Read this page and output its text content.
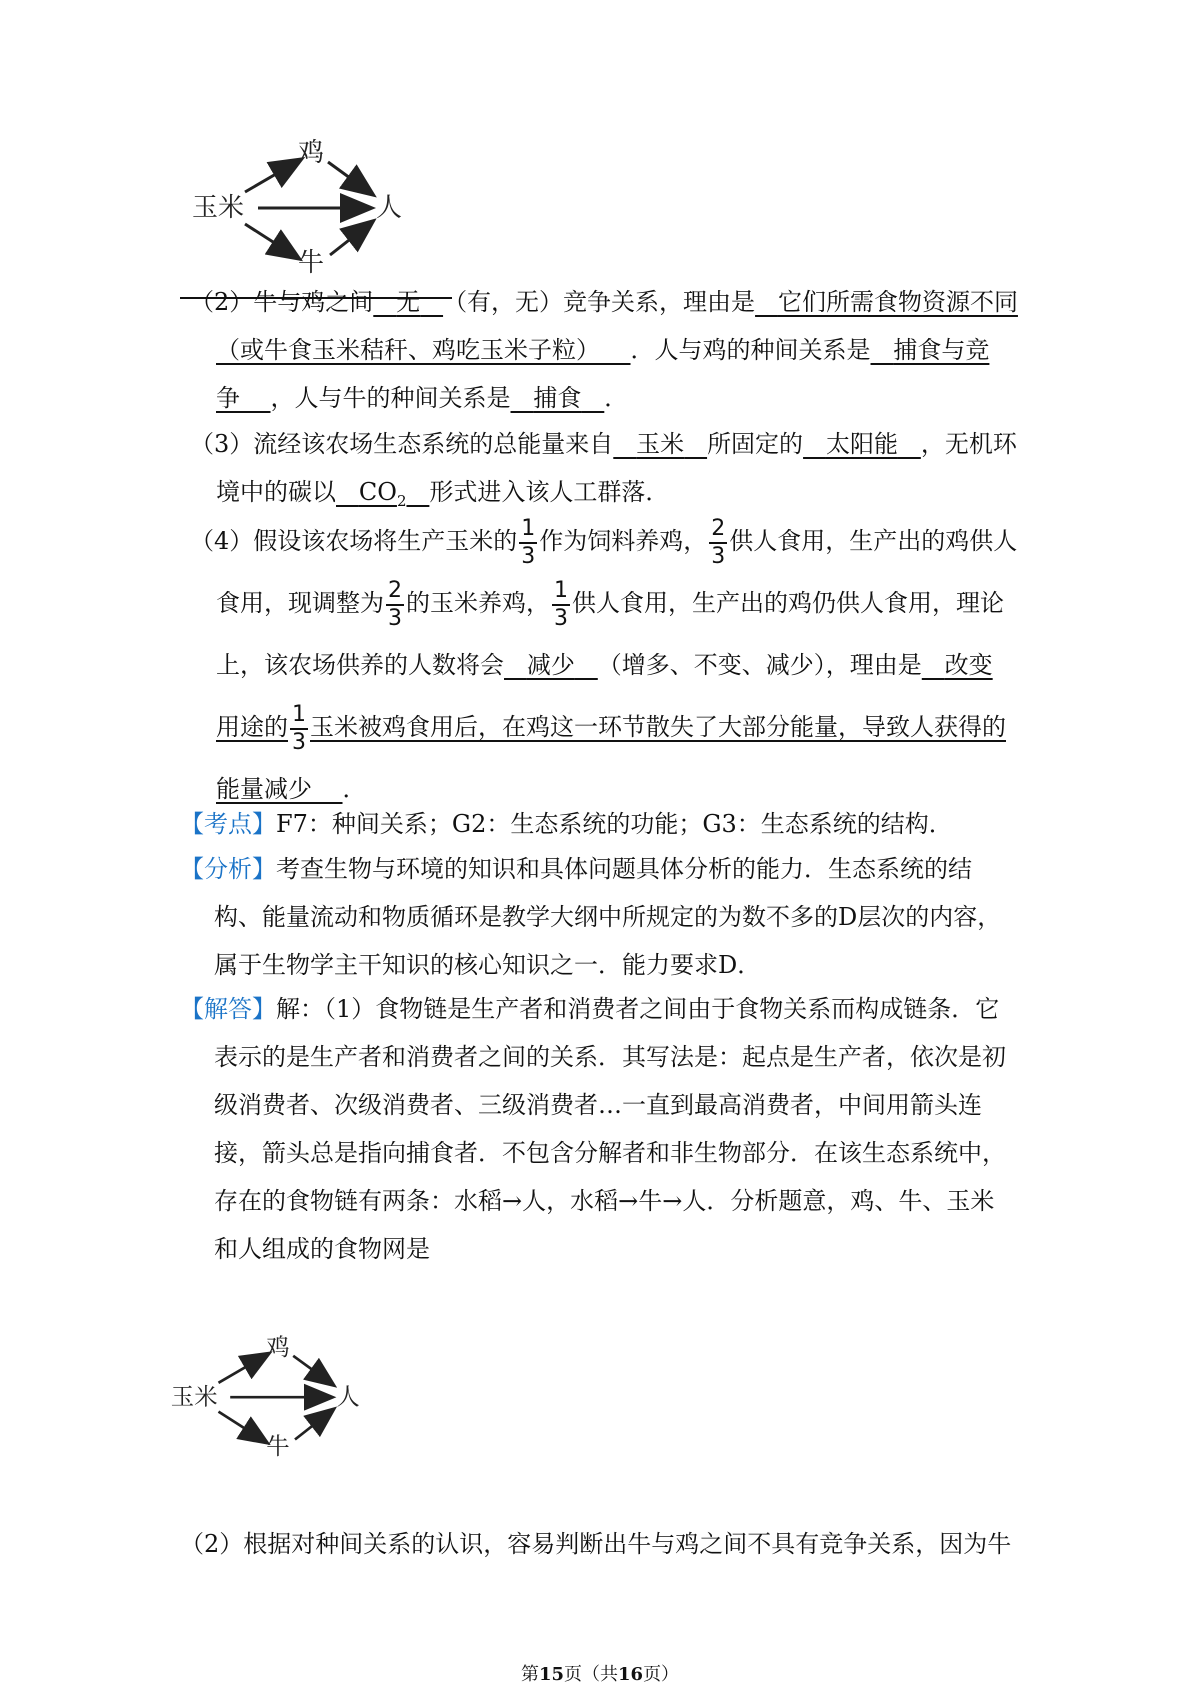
鸡
玉米	人
牛
（2）牛与鸡之间 无 （有，无）竞争关系，理由是 它们所需食物资源不同
（或牛食玉米秸秆、鸡吃玉米子粒） ．人与鸡的种间关系是 捕食与竞
争 ，人与牛的种间关系是 捕食 ．
（3）流经该农场生态系统的总能量来自 玉米 所固定的 太阳能 ，无机环
境中的碳以 $CO_2$ 形式进入该人工群落．
（4）假设该农场将生产玉米的 $\frac{1}{3}$ 作为饲料养鸡， $\frac{2}{3}$ 供人食用，生产出的鸡供人
食用，现调整为 $\frac{2}{3}$ 的玉米养鸡， $\frac{1}{3}$ 供人食用，生产出的鸡仍供人食用，理论
上，该农场供养的人数将会 减少 （增多、不变、减少），理由是 改变
用途的 $\frac{1}{3}$ 玉米被鸡食用后，在鸡这一环节散失了大部分能量，导致人获得的
能量减少 ．
【考点】F7：种间关系；G2：生态系统的功能；G3：生态系统的结构．
【分析】考查生物与环境的知识和具体问题具体分析的能力．生态系统的结
构、能量流动和物质循环是教学大纲中所规定的为数不多的D层次的内容，
属于生物学主干知识的核心知识之一．能力要求D．
【解答】解：（1）食物链是生产者和消费者之间由于食物关系而构成链条．它
表示的是生产者和消费者之间的关系．其写法是：起点是生产者，依次是初
级消费者、次级消费者、三级消费者…一直到最高消费者，中间用箭头连
接，箭头总是指向捕食者．不包含分解者和非生物部分．在该生态系统中，
存在的食物链有两条：水稻→人，水稻→牛→人．分析题意，鸡、牛、玉米
和人组成的食物网是
鸡
玉米	人
牛
（2）根据对种间关系的认识，容易判断出牛与鸡之间不具有竞争关系，因为牛
第15页（共16页）
